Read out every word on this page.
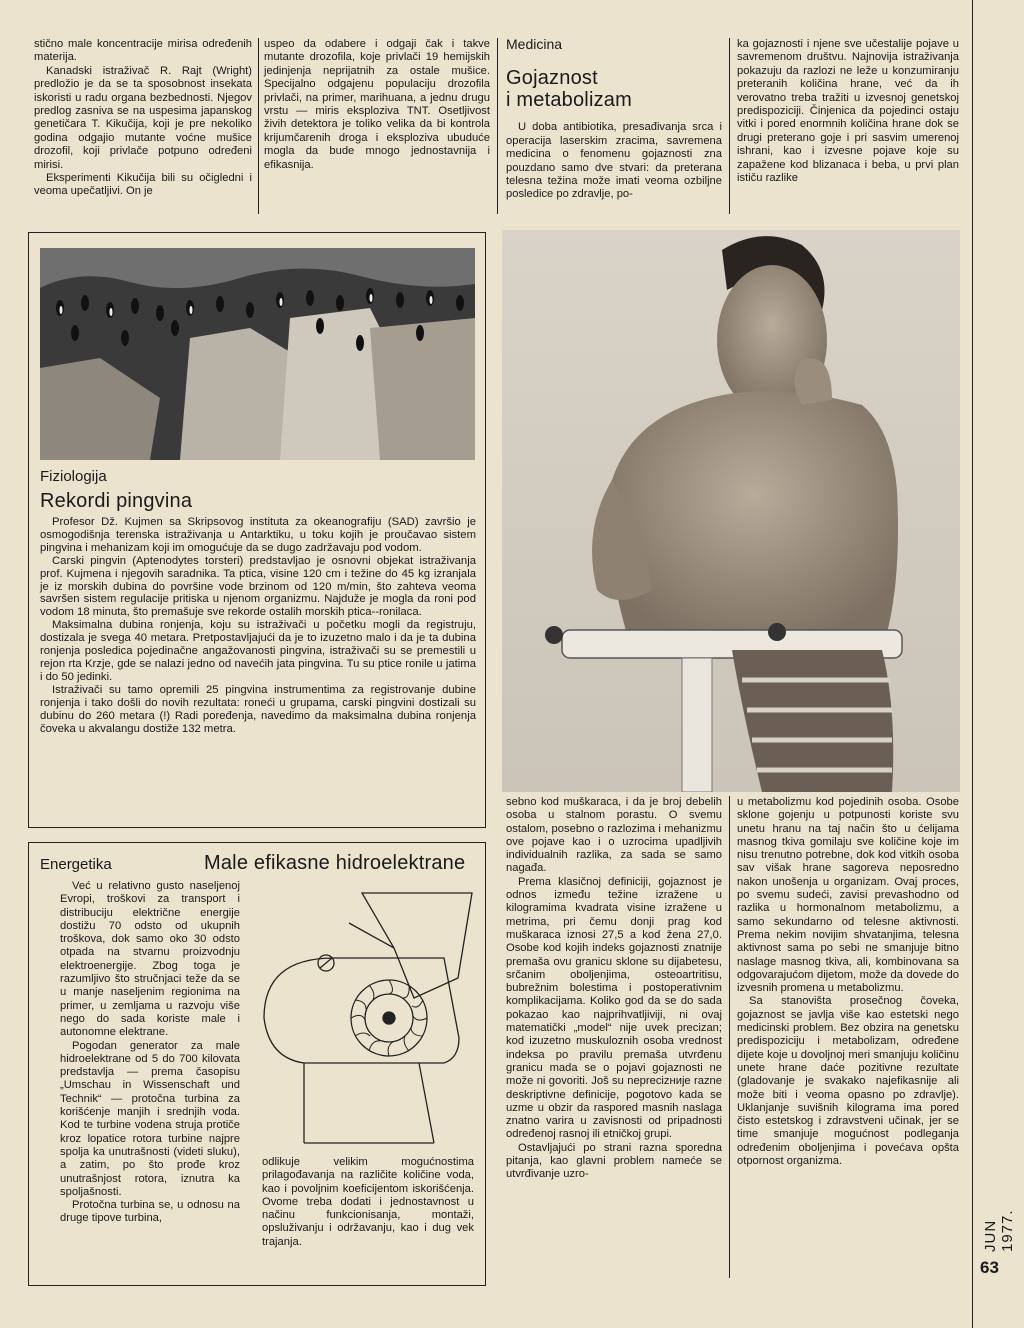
stično male koncentracije mirisa određenih materija.

Kanadski istraživač R. Rajt (Wright) predložio je da se ta sposobnost insekata iskoristi u radu organa bezbednosti. Njegov predlog zasniva se na uspesima japanskog genetičara T. Kikučija, koji je pre nekoliko godina odgajio mutante voćne mušice drozofil, koji privlače potpuno određeni mirisi.

Eksperimenti Kikučija bili su očigledni i veoma upečatljivi. On je

uspeo da odabere i odgaji čak i takve mutante drozofila, koje privlači 19 hemijskih jedinjenja neprijatnih za ostale mušice. Specijalno odgajenu populaciju drozofila privlači, na primer, marihuana, a jednu drugu vrstu — miris eksploziva TNT. Osetljivost živih detektora je toliko velika da bi kontrola krijumčarenih droga i eksploziva ubuduće mogla da bude mnogo jednostavnija i efikasnija.

Medicina
Gojaznost
i metabolizam

U doba antibiotika, presađivanja srca i operacija laserskim zracima, savremena medicina o fenomenu gojaznosti zna pouzdano samo dve stvari: da preterana telesna težina može imati veoma ozbiljne posledice po zdravlje, po-

ka gojaznosti i njene sve učestalije pojave u savremenom društvu. Najnovija istraživanja pokazuju da razlozi ne leže u konzumiranju preteranih količina hrane, već da ih verovatno treba tražiti u izvesnoj genetskoj predispoziciji. Činjenica da pojedinci ostaju vitki i pored enormnih količina hrane dok se drugi preterano goje i pri sasvim umerenoj ishrani, kao i izvesne pojave koje su zapažene kod blizanaca i beba, u prvi plan ističu razlike

Fiziologija
Rekordi pingvina

Profesor Dž. Kujmen sa Skripsovog instituta za okeanografiju (SAD) završio je osmogodišnja terenska istraživanja u Antarktiku, u toku kojih je proučavao sistem pingvina i mehanizam koji im omogućuje da se dugo zadržavaju pod vodom.

Carski pingvin (Aptenodytes torsteri) predstavljao je osnovni objekat istraživanja prof. Kujmena i njegovih saradnika. Ta ptica, visine 120 cm i težine do 45 kg izranjala je iz morskih dubina do površine vode brzinom od 120 m/min, što zahteva veoma savršen sistem regulacije pritiska u njenom organizmu. Najduže je mogla da roni pod vodom 18 minuta, što premašuje sve rekorde ostalih morskih ptica--ronilaca.

Maksimalna dubina ronjenja, koju su istraživači u početku mogli da registruju, dostizala je svega 40 metara. Pretpostavljajući da je to izuzetno malo i da je ta dubina ronjenja posledica pojedinačne angažovanosti pingvina, istraživači su se premestili u rejon rta Krzje, gde se nalazi jedno od navećih jata pingvina. Tu su ptice ronile u jatima i do 50 jedinki.

Istraživači su tamo opremili 25 pingvina instrumentima za registrovanje dubine ronjenja i tako došli do novih rezultata: ronеći u grupama, carski pingvini dostizali su dubinu do 260 metara (!) Radi poređenja, navedimo da maksimalna dubina ronjenja čoveka u akvalangu dostiže 132 metra.

sebno kod muškaraca, i da je broj debelih osoba u stalnom porastu. O svemu ostalom, posebno o razlozima i mehanizmu ove pojave kao i o uzrocima upadljivih individualnih razlika, za sada se samo nagađa.

Prema klasičnoj definiciji, gojaznost je odnos između težine izražene u kilogramima kvadrata visine izražene u metrima, pri čemu donji prag kod muškaraca iznosi 27,5 a kod žena 27,0. Osobe kod kojih indeks gojaznosti znatnije premaša ovu granicu sklone su dijabetesu, srčanim oboljenjima, osteoartritisu, bubrežnim bolestima i postoperativnim komplikacijama. Koliko god da se do sada pokazao kao najprihvatljiviji, ni ovaj matematički „model“ nije uvek precizan; kod izuzetno muskuloznih osoba vrednost indeksa po pravilu premaša utvrđenu granicu mada se o pojavi gojaznosti ne može ni govoriti. Još su neprecizније razne deskriptivne definicije, pogotovo kada se uzme u obzir da raspored masnih naslaga znatno varira u zavisnosti od pripadnosti određenoj rasnoj ili etničkoj grupi.

Ostavljajući po strani razna sporedna pitanja, kao glavni problem nameće se utvrđivanje uzro-

u metabolizmu kod pojedinih osoba. Osobe sklone gojenju u potpunosti koriste svu unetu hranu na taj način što u ćelijama masnog tkiva gomilaju sve količine koje im nisu trenutno potrebne, dok kod vitkih osoba sav višak hrane sagoreva neposredno nakon unošenja u organizam. Ovaj proces, po svemu sudeći, zavisi prevashodno od razlika u hormonalnom metabolizmu, a samo sekundarno od telesne aktivnosti. Prema nekim novijim shvatanjima, telesna aktivnost sama po sebi ne smanjuje bitno naslage masnog tkiva, ali, kombinovana sa odgovarajućom dijetom, može da dovede do izvesnih promena u metabolizmu.

Sa stanovišta prosečnog čoveka, gojaznost se javlja više kao estetski nego medicinski problem. Bez obzira na genetsku predispoziciju i metabolizam, određene dijete koje u dovoljnoj meri smanjuju količinu unete hrane daće pozitivne rezultate (gladovanje je svakako najefikasnije ali može biti i veoma opasno po zdravlje). Uklanjanje suvišnih kilograma ima pored čisto estetskog i zdravstveni učinak, jer se time smanjuje mogućnost podleganja određenim oboljenjima i povećava opšta otpornost organizma.

Energetika	Male efikasne hidroelektrane

Već u relativno gusto naseljenoj Evropi, troškovi za transport i distribuciju električne energije dostižu 70 odsto od ukupnih troškova, dok samo oko 30 odsto otpada na stvarnu proizvodnju elektroenergije. Zbog toga je razumljivo što stručnjaci teže da se u manje naseljenim regionima na primer, u zemljama u razvoju više nego do sada koriste male i autonomne elektrane.

Pogodan generator za male hidroelektrane od 5 do 700 kilovata predstavlja — prema časopisu „Umschau in Wissenschaft und Technik“ — protočna turbina za korišćenje manjih i srednjih voda. Kod te turbine vodena struja protiče kroz lopatice rotora turbine najpre spolja ka unutrašnosti (videti sluku), a zatim, po što prođe kroz unutrašnjost rotora, iznutra ka spoljašnosti.

Protočna turbina se, u odnosu na druge tipove turbina,

odlikuje velikim mogućnostima prilagođavanja na različite količine voda, kao i povoljnim koeficijentom iskorišćenja. Ovome treba dodati i jednostavnost u načinu funkcionisanja, montaži, opsluživanju i održavanju, kao i dug vek trajanja.	JUN 1977.
63
